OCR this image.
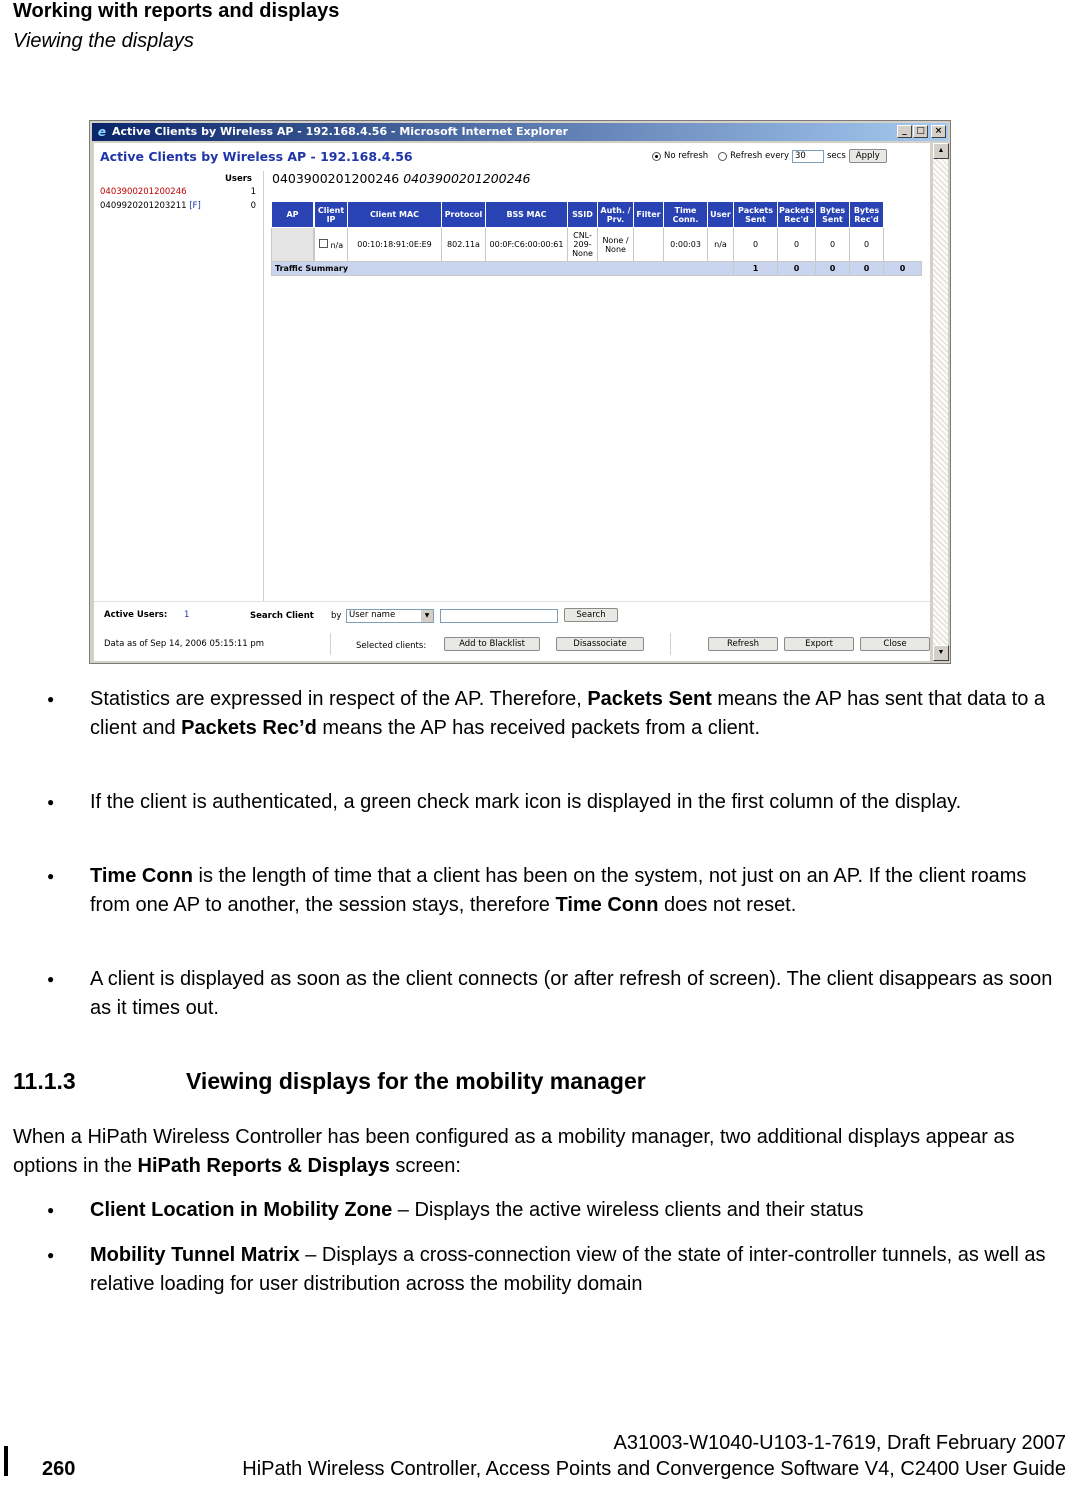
Working with reports and displays
Viewing the displays
e Active Clients by Wireless AP - 192.168.4.56 - Microsoft Internet Explorer	_	□	×
Active Clients by Wireless AP - 192.168.4.56	No refresh	Refresh every 30	secs	Apply
Users
0403900201200246	1
0409920201203211 [F]	0
0403900201200246 0403900201200246
AP		Client IP	Client MAC	Protocol	BSS MAC	SSID	Auth. / Prv.	Filter	Time Conn.	User	Packets Sent	Packets Rec'd	Bytes Sent	Bytes Rec'd	
		n/a	00:10:18:91:0E:E9	802.11a	00:0F:C6:00:00:61	CNL-209-None	None / None		0:00:03	n/a	0	0	0	0	
Traffic Summary										1	0	0	0	0
Active Users: 1	Search Client by User name	▼	Search
Data as of Sep 14, 2006 05:15:11 pm	Selected clients:	Add to Blacklist	Disassociate	Refresh	Export	Close
▲
▼
● Statistics are expressed in respect of the AP. Therefore, Packets Sent means the AP has sent that data to a client and Packets Rec’d means the AP has received packets from a client.
● If the client is authenticated, a green check mark icon is displayed in the first column of the display.
● Time Conn is the length of time that a client has been on the system, not just on an AP. If the client roams from one AP to another, the session stays, therefore Time Conn does not reset.
● A client is displayed as soon as the client connects (or after refresh of screen). The client disappears as soon as it times out.
11.1.3	Viewing displays for the mobility manager
When a HiPath Wireless Controller has been configured as a mobility manager, two additional displays appear as options in the HiPath Reports & Displays screen:
● Client Location in Mobility Zone – Displays the active wireless clients and their status
● Mobility Tunnel Matrix – Displays a cross-connection view of the state of inter-controller tunnels, as well as relative loading for user distribution across the mobility domain
260
A31003-W1040-U103-1-7619, Draft February 2007
HiPath Wireless Controller, Access Points and Convergence Software V4, C2400 User Guide
